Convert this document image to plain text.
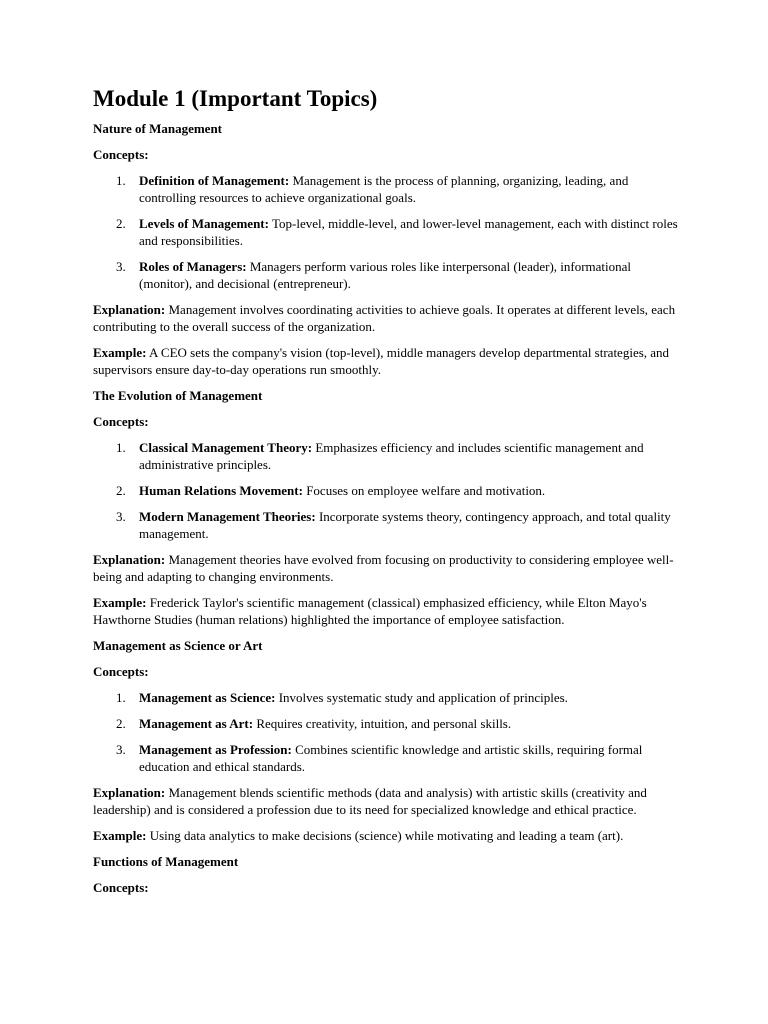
Module 1 (Important Topics)
Nature of Management
Concepts:
1. Definition of Management: Management is the process of planning, organizing, leading, and controlling resources to achieve organizational goals.
2. Levels of Management: Top-level, middle-level, and lower-level management, each with distinct roles and responsibilities.
3. Roles of Managers: Managers perform various roles like interpersonal (leader), informational (monitor), and decisional (entrepreneur).

Explanation: Management involves coordinating activities to achieve goals. It operates at different levels, each contributing to the overall success of the organization.

Example: A CEO sets the company's vision (top-level), middle managers develop departmental strategies, and supervisors ensure day-to-day operations run smoothly.

The Evolution of Management
Concepts:
1. Classical Management Theory: Emphasizes efficiency and includes scientific management and administrative principles.
2. Human Relations Movement: Focuses on employee welfare and motivation.
3. Modern Management Theories: Incorporate systems theory, contingency approach, and total quality management.

Explanation: Management theories have evolved from focusing on productivity to considering employee well-being and adapting to changing environments.

Example: Frederick Taylor's scientific management (classical) emphasized efficiency, while Elton Mayo's Hawthorne Studies (human relations) highlighted the importance of employee satisfaction.

Management as Science or Art
Concepts:
1. Management as Science: Involves systematic study and application of principles.
2. Management as Art: Requires creativity, intuition, and personal skills.
3. Management as Profession: Combines scientific knowledge and artistic skills, requiring formal education and ethical standards.

Explanation: Management blends scientific methods (data and analysis) with artistic skills (creativity and leadership) and is considered a profession due to its need for specialized knowledge and ethical practice.

Example: Using data analytics to make decisions (science) while motivating and leading a team (art).

Functions of Management
Concepts:
